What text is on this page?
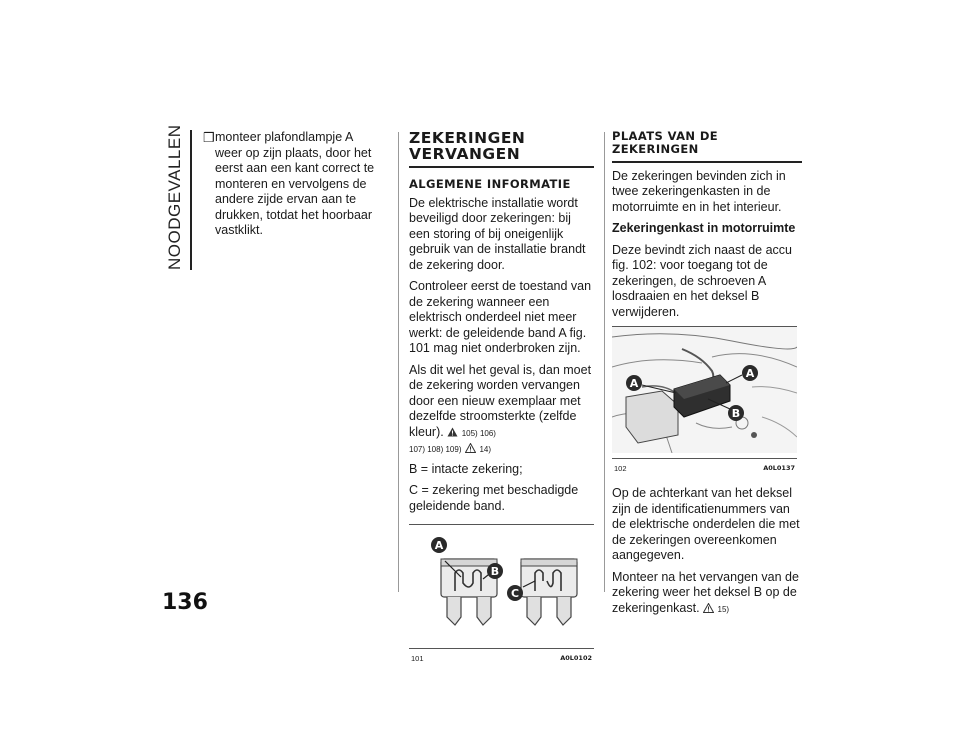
NOODGEVALLEN	❒ monteer plafondlampje A weer op zijn plaats, door het eerst aan een kant correct te monteren en vervolgens de andere zijde ervan aan te drukken, totdat het hoorbaar vastklikt.
ZEKERINGEN VERVANGEN
ALGEMENE INFORMATIE

De elektrische installatie wordt beveiligd door zekeringen: bij een storing of bij oneigenlijk gebruik van de installatie brandt de zekering door.

Controleer eerst de toestand van de zekering wanneer een elektrisch onderdeel niet meer werkt: de geleidende band A fig. 101 mag niet onderbroken zijn.

Als dit wel het geval is, dan moet de zekering worden vervangen door een nieuw exemplaar met dezelfde stroomsterkte (zelfde kleur). 105) 106)
107) 108) 109) 14)

B = intacte zekering;

C = zekering met beschadigde geleidende band.

A
B
C
101	A0L0102
PLAATS VAN DE ZEKERINGEN

De zekeringen bevinden zich in twee zekeringenkasten in de motorruimte en in het interieur.

Zekeringenkast in motorruimte

Deze bevindt zich naast de accu fig. 102: voor toegang tot de zekeringen, de schroeven A losdraaien en het deksel B verwijderen.

A
A
B
102	A0L0137

Op de achterkant van het deksel zijn de identificatienummers van de elektrische onderdelen die met de zekeringen overeenkomen aangegeven.

Monteer na het vervangen van de zekering weer het deksel B op de zekeringenkast. 15)

136
